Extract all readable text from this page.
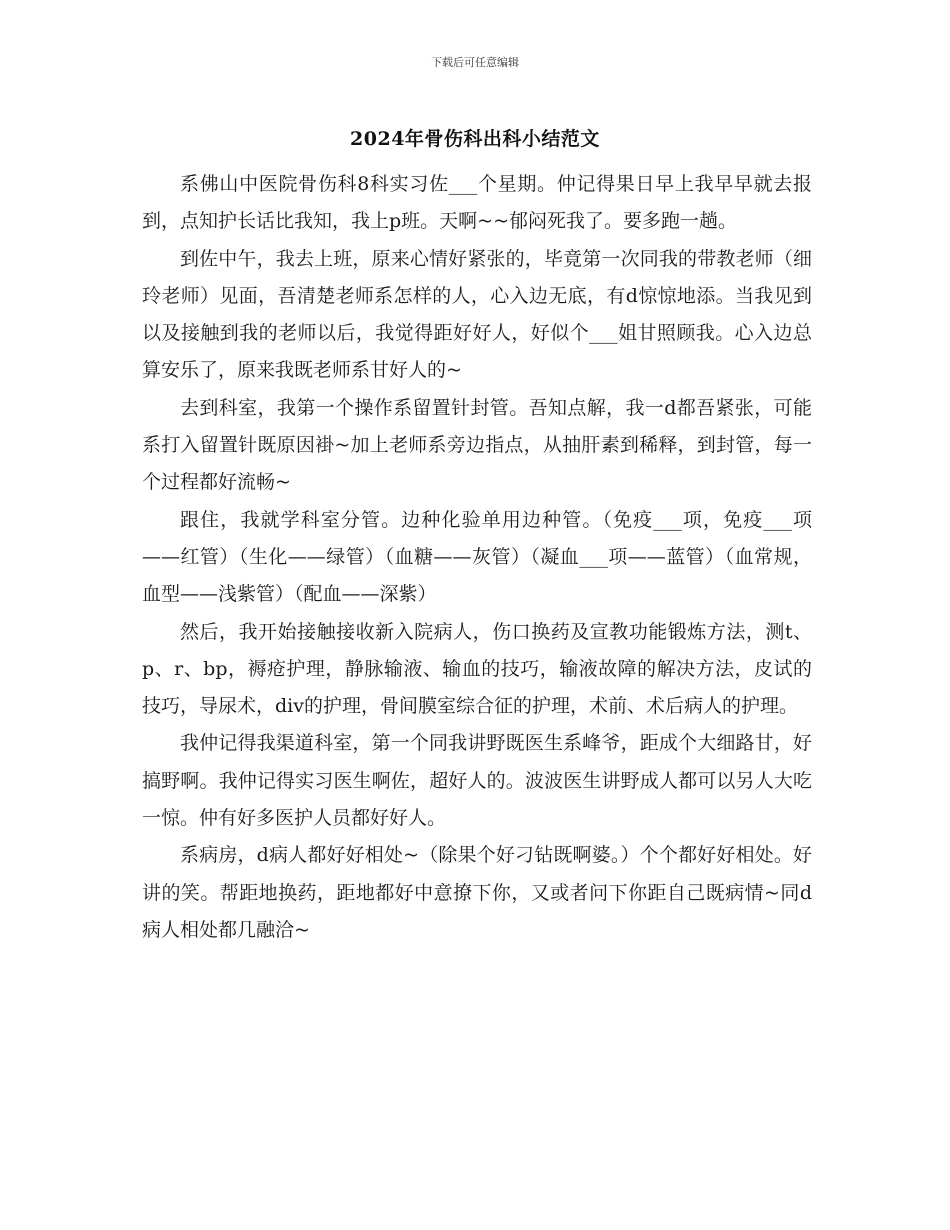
下载后可任意编辑
2024年骨伤科出科小结范文

系佛山中医院骨伤科8科实习佐___个星期。仲记得果日早上我早早就去报到，点知护长话比我知，我上p班。天啊~~郁闷死我了。要多跑一趟。

到佐中午，我去上班，原来心情好紧张的，毕竟第一次同我的带教老师（细玲老师）见面，吾清楚老师系怎样的人，心入边无底，有d惊惊地添。当我见到以及接触到我的老师以后，我觉得距好好人，好似个___姐甘照顾我。心入边总算安乐了，原来我既老师系甘好人的~

去到科室，我第一个操作系留置针封管。吾知点解，我一d都吾紧张，可能系打入留置针既原因褂~加上老师系旁边指点，从抽肝素到稀释，到封管，每一个过程都好流畅~

跟住，我就学科室分管。边种化验单用边种管。（免疫___项，免疫___项——红管）（生化——绿管）（血糖——灰管）（凝血___项——蓝管）（血常规，血型——浅紫管）（配血——深紫）

然后，我开始接触接收新入院病人，伤口换药及宣教功能锻炼方法，测t、p、r、bp，褥疮护理，静脉输液、输血的技巧，输液故障的解决方法，皮试的技巧，导尿术，div的护理，骨间膜室综合征的护理，术前、术后病人的护理。

我仲记得我渠道科室，第一个同我讲野既医生系峰爷，距成个大细路甘，好搞野啊。我仲记得实习医生啊佐，超好人的。波波医生讲野成人都可以另人大吃一惊。仲有好多医护人员都好好人。

系病房，d病人都好好相处~（除果个好刁钻既啊婆。）个个都好好相处。好讲的笑。帮距地换药，距地都好中意撩下你，又或者问下你距自己既病情~同d病人相处都几融洽~
